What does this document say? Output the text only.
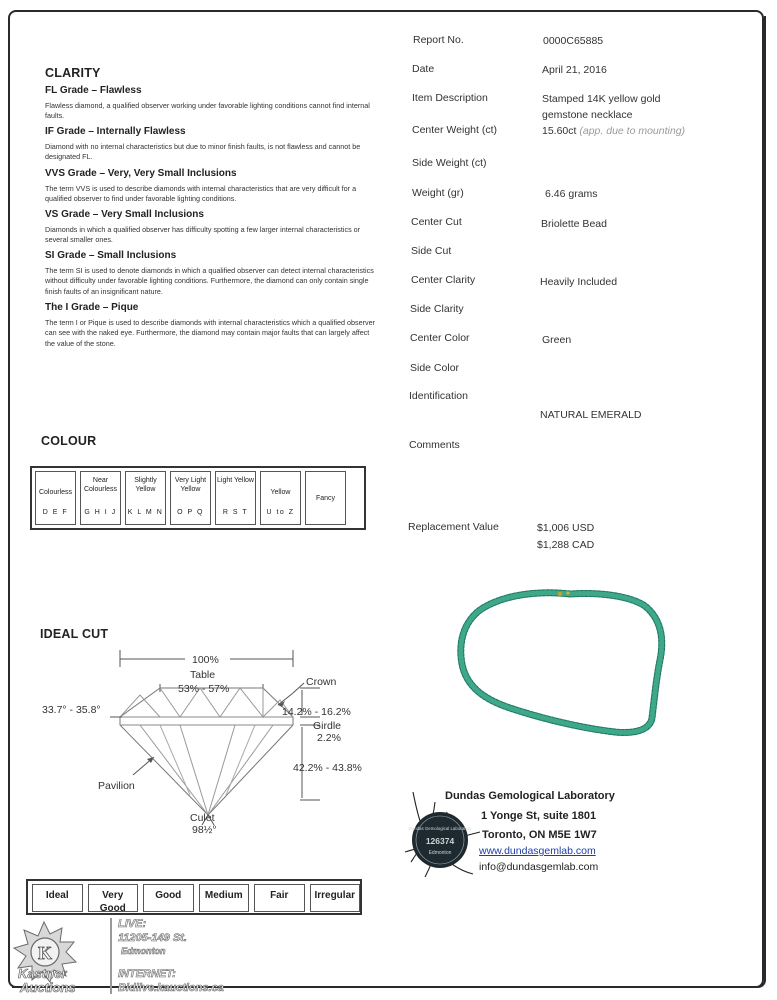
CLARITY
FL Grade – Flawless
Flawless diamond, a qualified observer working under favorable lighting conditions cannot find internal faults.
IF Grade – Internally Flawless
Diamond with no internal characteristics but due to minor finish faults, is not flawless and cannot be designated FL.
VVS Grade – Very, Very Small Inclusions
The term VVS is used to describe diamonds with internal characteristics that are very difficult for a qualified observer to find under favorable lighting conditions.
VS Grade – Very Small Inclusions
Diamonds in which a qualified observer has difficulty spotting a few larger internal characteristics or several smaller ones.
SI Grade – Small Inclusions
The term SI is used to denote diamonds in which a qualified observer can detect internal characteristics without difficulty under favorable lighting conditions. Furthermore, the diamond can only contain single finish faults of an insignificant nature.
The I Grade – Pique
The term I or Pique is used to describe diamonds with internal characteristics which a qualified observer can see with the naked eye. Furthermore, the diamond may contain major faults that can largely affect the value of the stone.
Report No.	0000C65885
Date	April 21, 2016
Item Description	Stamped 14K yellow gold
gemstone necklace
Center Weight (ct)	15.60ct (app. due to mounting)
Side Weight (ct)
Weight (gr)	6.46 grams
Center Cut	Briolette Bead
Side Cut
Center Clarity	Heavily Included
Side Clarity
Center Color	Green
Side Color
Identification
NATURAL EMERALD
Comments
Replacement Value	$1,006 USD
$1,288 CAD
COLOUR
Colourless
D E F
Near Colourless
G H I J
Slightly Yellow
K L M N
Very Light Yellow
O P Q
Light Yellow
R S T
Yellow
U to Z
Fancy
IDEAL CUT
100%
Table
53% - 57%
Crown
33.7° - 35.8°	14.2% - 16.2%
Girdle
2.2%
42.2% - 43.8%
Pavilion
Culet
98½°
Ideal	Very Good
Good	Medium	Fair	Irregular
Dundas Gemological Laboratory
126374
Edmonton
Dundas Gemological Laboratory
1 Yonge St, suite 1801
Toronto, ON M5E 1W7
www.dundasgemlab.com
info@dundasgemlab.com
K
Kastner
Auctions
LIVE:
11205-149 St.
Edmonton
INTERNET:
Bidlive.kauctions.ca
